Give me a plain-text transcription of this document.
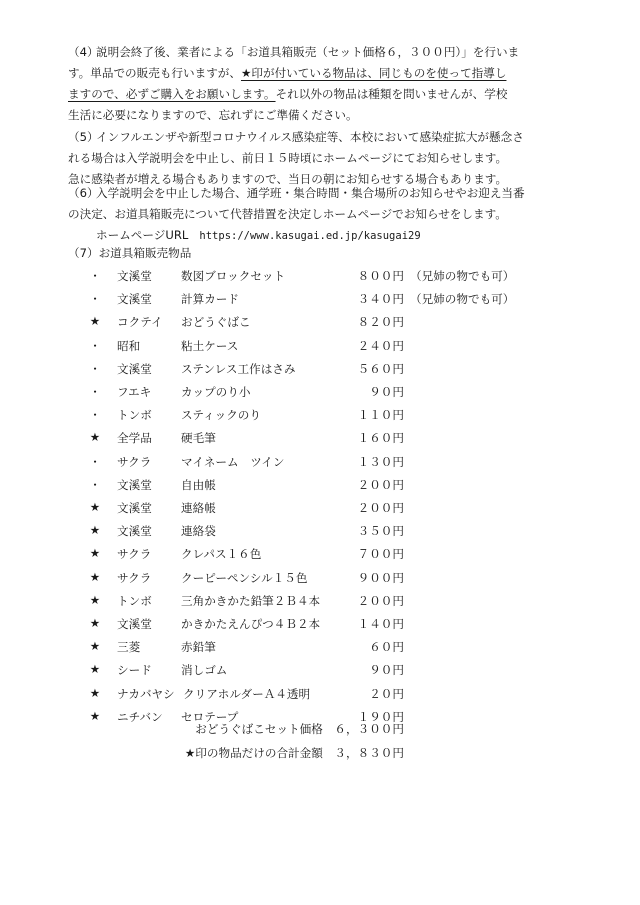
（4）
説明会終了後、業者による「お道具箱販売（セット価格６，３００円）」を行いま
す。単品での販売も行いますが、★印が付いている物品は、同じものを使って指導し
ますので、必ずご購入をお願いします。それ以外の物品は種類を問いませんが、学校
生活に必要になりますので、忘れずにご準備ください。
（5）
インフルエンザや新型コロナウイルス感染症等、本校において感染症拡大が懸念さ
れる場合は入学説明会を中止し、前日１５時頃にホームページにてお知らせします。
急に感染者が増える場合もありますので、当日の朝にお知らせする場合もあります。
（6）
入学説明会を中止した場合、通学班・集合時間・集合場所のお知らせやお迎え当番
の決定、お道具箱販売について代替措置を決定しホームページでお知らせをします。
ホームページURL https://www.kasugai.ed.jp/kasugai29
（7）お道具箱販売物品
・ 文溪堂	数図ブロックセット	８００円 （兄姉の物でも可）
・ 文溪堂	計算カード	３４０円 （兄姉の物でも可）
★ コクテイ おどうぐばこ	８２０円
・ 昭和	粘土ケース	２４０円
・ 文溪堂	ステンレス工作はさみ	５６０円
・ フエキ	カップのり小	９０円
・ トンボ	スティックのり	１１０円
★ 全学品	硬毛筆	１６０円
・ サクラ	マイネーム　ツイン	１３０円
・ 文溪堂	自由帳	２００円
★ 文溪堂	連絡帳	２００円
★ 文溪堂	連絡袋	３５０円
★ サクラ	クレパス１６色	７００円
★ サクラ	クーピーペンシル１５色	９００円
★ トンボ	三角かきかた鉛筆２Ｂ４本	２００円
★ 文溪堂	かきかたえんぴつ４Ｂ２本	１４０円
★ 三菱	赤鉛筆	６０円
★ シード	消しゴム	９０円
★ ナカバヤシ クリアホルダーＡ４透明	２０円
★ ニチバン セロテープ	１９０円
おどうぐばこセット価格　６，３００円
★印の物品だけの合計金額　３，８３０円
